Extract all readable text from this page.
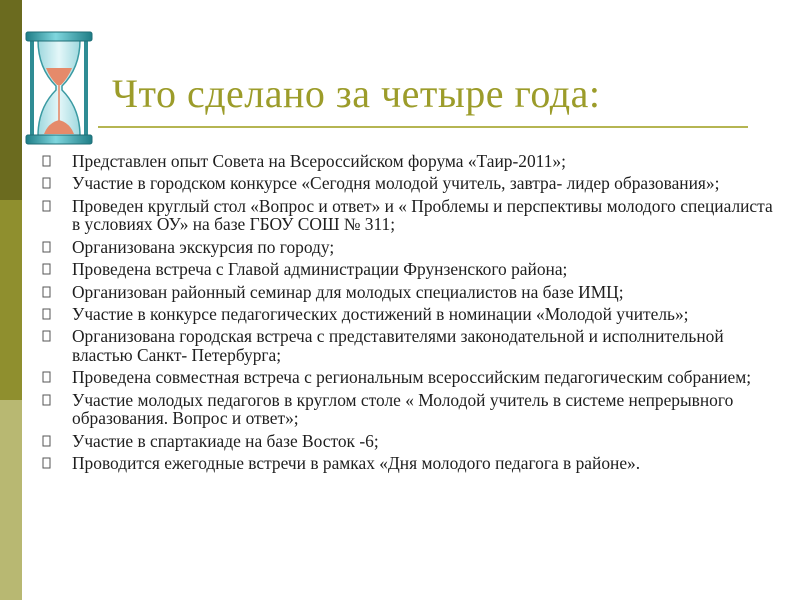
Что сделано за четыре года:
Представлен опыт Совета на Всероссийском форума «Таир-2011»;
Участие в городском конкурсе «Сегодня молодой учитель, завтра- лидер образования»;
Проведен круглый стол «Вопрос и ответ» и « Проблемы и перспективы молодого специалиста в условиях ОУ» на базе ГБОУ СОШ № 311;
Организована экскурсия по городу;
Проведена встреча с Главой администрации Фрунзенского района;
Организован районный семинар для молодых специалистов на базе ИМЦ;
Участие в конкурсе педагогических достижений в номинации «Молодой учитель»;
Организована городская встреча с представителями законодательной и исполнительной властью Санкт- Петербурга;
Проведена совместная встреча с региональным всероссийским педагогическим собранием;
Участие молодых педагогов в круглом столе « Молодой учитель в системе непрерывного образования. Вопрос и ответ»;
Участие в спартакиаде на базе Восток -6;
Проводится ежегодные встречи в рамках «Дня молодого педагога в районе».
